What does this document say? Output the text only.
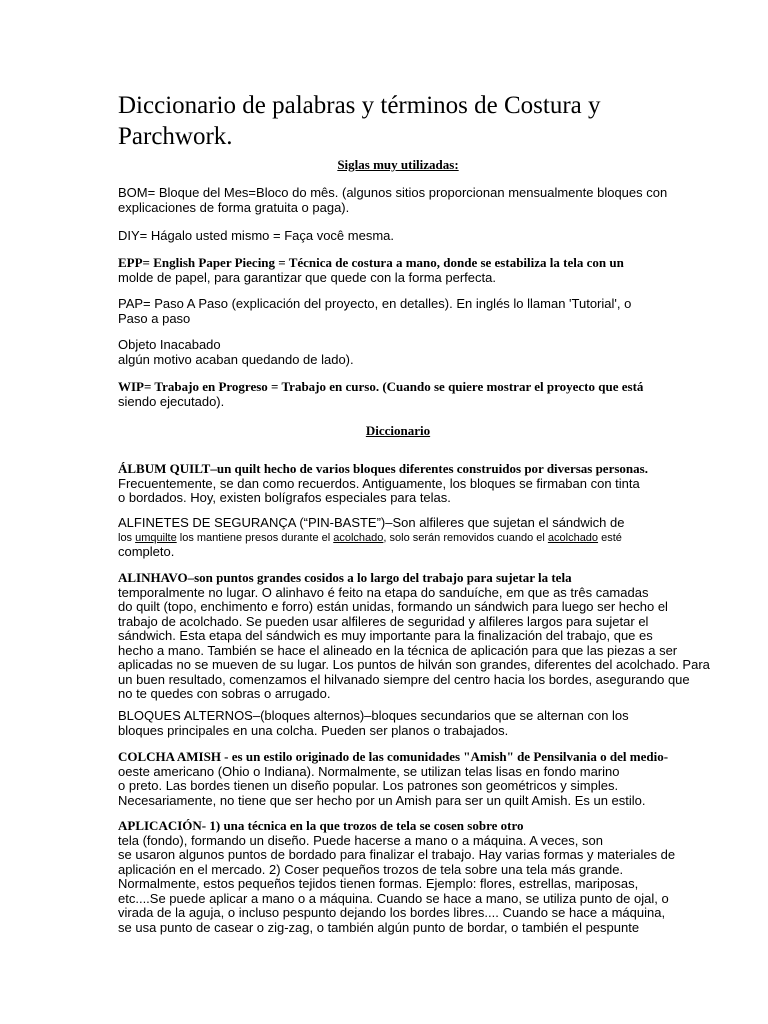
Diccionario de palabras y términos de Costura y
Parchwork.
Siglas muy utilizadas:
BOM= Bloque del Mes=Bloco do mês. (algunos sitios proporcionan mensualmente bloques con
explicaciones de forma gratuita o paga).
DIY= Hágalo usted mismo = Faça você mesma.
EPP= English Paper Piecing = Técnica de costura a mano, donde se estabiliza la tela con un
molde de papel, para garantizar que quede con la forma perfecta.
PAP= Paso A Paso (explicación del proyecto, en detalles). En inglés lo llaman 'Tutorial', o
Paso a paso
Objeto Inacabado
algún motivo acaban quedando de lado).
WIP= Trabajo en Progreso = Trabajo en curso. (Cuando se quiere mostrar el proyecto que está
siendo ejecutado).
Diccionario
ÁLBUM QUILT–un quilt hecho de varios bloques diferentes construidos por diversas personas.
Frecuentemente, se dan como recuerdos. Antiguamente, los bloques se firmaban con tinta
o bordados. Hoy, existen bolígrafos especiales para telas.
ALFINETES DE SEGURANÇA (“PIN-BASTE”)–Son alfileres que sujetan el sándwich de
los umquilte los mantiene presos durante el acolchado, solo serán removidos cuando el acolchado esté
completo.
ALINHAVO–son puntos grandes cosidos a lo largo del trabajo para sujetar la tela
temporalmente no lugar. O alinhavo é feito na etapa do sanduíche, em que as três camadas
do quilt (topo, enchimento e forro) están unidas, formando un sándwich para luego ser hecho el
trabajo de acolchado. Se pueden usar alfileres de seguridad y alfileres largos para sujetar el
sándwich. Esta etapa del sándwich es muy importante para la finalización del trabajo, que es
hecho a mano. También se hace el alineado en la técnica de aplicación para que las piezas a ser
aplicadas no se mueven de su lugar. Los puntos de hilván son grandes, diferentes del acolchado. Para
un buen resultado, comenzamos el hilvanado siempre del centro hacia los bordes, asegurando que
no te quedes con sobras o arrugado.
BLOQUES ALTERNOS–(bloques alternos)–bloques secundarios que se alternan con los
bloques principales en una colcha. Pueden ser planos o trabajados.
COLCHA AMISH - es un estilo originado de las comunidades "Amish" de Pensilvania o del medio-
oeste americano (Ohio o Indiana). Normalmente, se utilizan telas lisas en fondo marino
o preto. Las bordes tienen un diseño popular. Los patrones son geométricos y simples.
Necesariamente, no tiene que ser hecho por un Amish para ser un quilt Amish. Es un estilo.
APLICACIÓN- 1) una técnica en la que trozos de tela se cosen sobre otro
tela (fondo), formando un diseño. Puede hacerse a mano o a máquina. A veces, son
se usaron algunos puntos de bordado para finalizar el trabajo. Hay varias formas y materiales de
aplicación en el mercado. 2) Coser pequeños trozos de tela sobre una tela más grande.
Normalmente, estos pequeños tejidos tienen formas. Ejemplo: flores, estrellas, mariposas,
etc....Se puede aplicar a mano o a máquina. Cuando se hace a mano, se utiliza punto de ojal, o
virada de la aguja, o incluso pespunto dejando los bordes libres.... Cuando se hace a máquina,
se usa punto de casear o zig-zag, o también algún punto de bordar, o también el pespunte
